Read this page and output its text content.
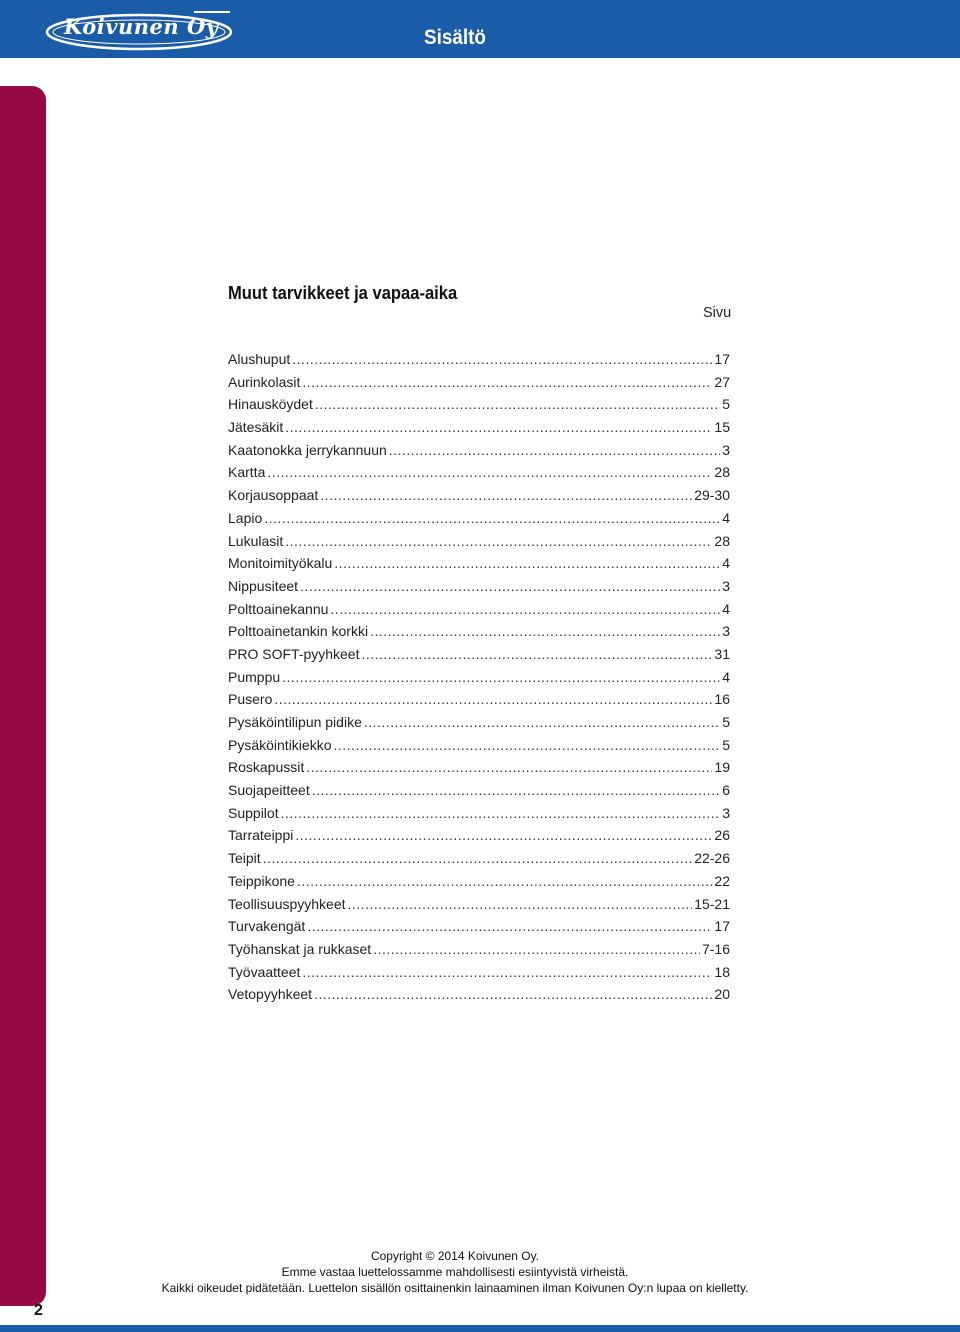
Koivunen Oy	Sisältö
Muut tarvikkeet ja vapaa-aika
Sivu
Alushuput .....	17
Aurinkolasit .....	27
Hinausköydet .....	5
Jätesäkit .....	15
Kaatonokka jerrykannuun .....	3
Kartta .....	28
Korjausoppaat .....	29-30
Lapio .....	4
Lukulasit .....	28
Monitoimityökalu .....	4
Nippusiteet .....	3
Polttoainekannu .....	4
Polttoainetankin korkki .....	3
PRO SOFT-pyyhkeet .....	31
Pumppu .....	4
Pusero .....	16
Pysäköintilipun pidike .....	5
Pysäköintikiekko .....	5
Roskapussit .....	19
Suojapeitteet .....	6
Suppilot .....	3
Tarrateippi .....	26
Teipit .....	22-26
Teippikone .....	22
Teollisuuspyyhkeet .....	15-21
Turvakengät .....	17
Työhanskat ja rukkaset .....	7-16
Työvaatteet .....	18
Vetopyyhkeet .....	20
Copyright © 2014 Koivunen Oy.
Emme vastaa luettelossamme mahdollisesti esiintyvistä virheistä.
Kaikki oikeudet pidätetään. Luettelon sisällön osittainenkin lainaaminen ilman Koivunen Oy:n lupaa on kielletty.
2
